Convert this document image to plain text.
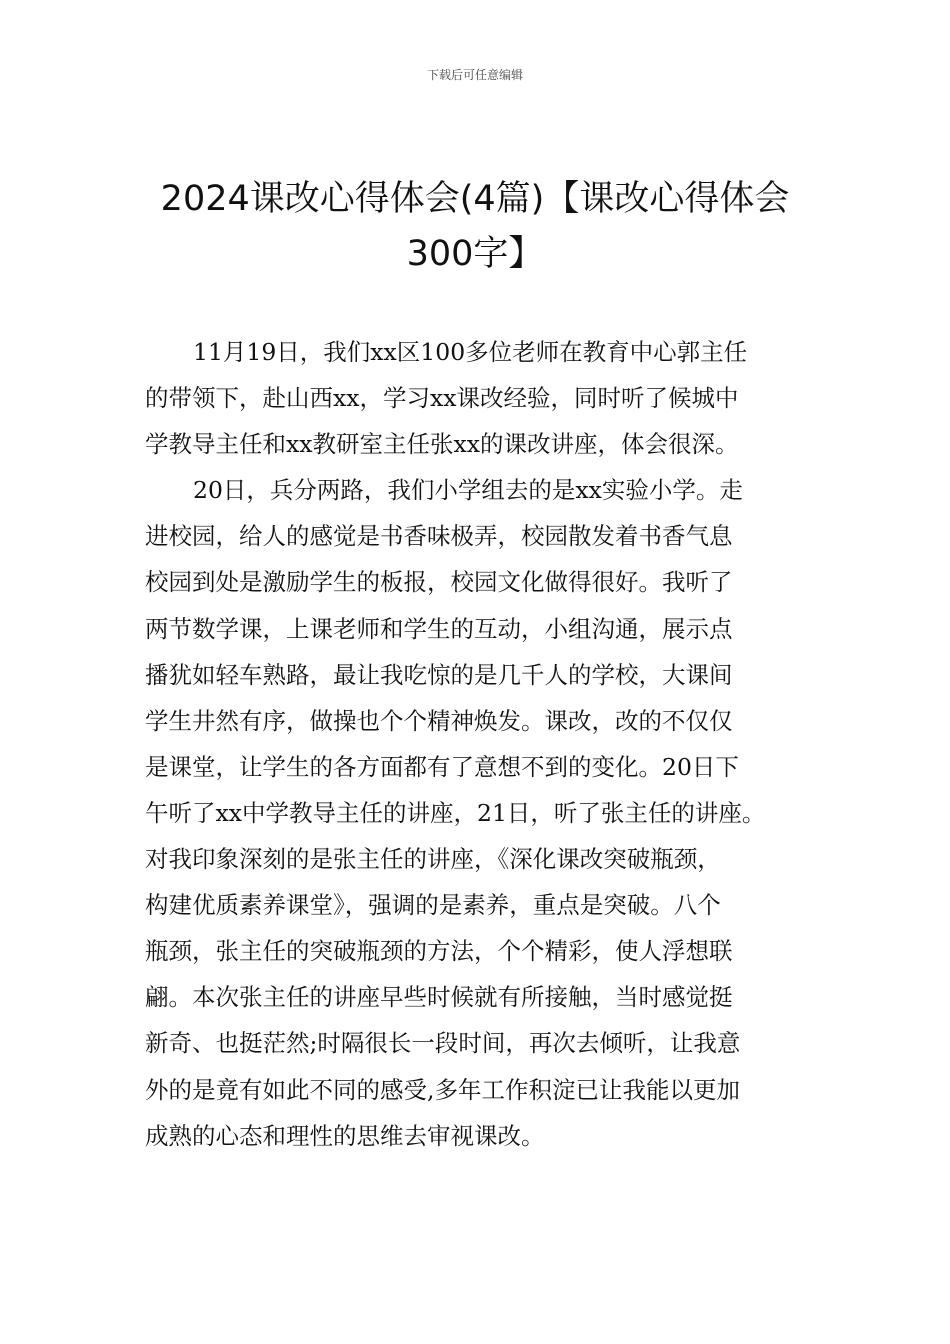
下载后可任意编辑
2024课改心得体会(4篇)【课改心得体会
300字】
11月19日，我们xx区100多位老师在教育中心郭主任
的带领下，赴山西xx，学习xx课改经验，同时听了候城中
学教导主任和xx教研室主任张xx的课改讲座，体会很深。
20日，兵分两路，我们小学组去的是xx实验小学。走
进校园，给人的感觉是书香味极弄，校园散发着书香气息
校园到处是激励学生的板报，校园文化做得很好。我听了
两节数学课，上课老师和学生的互动，小组沟通，展示点
播犹如轻车熟路，最让我吃惊的是几千人的学校，大课间
学生井然有序，做操也个个精神焕发。课改，改的不仅仅
是课堂，让学生的各方面都有了意想不到的变化。20日下
午听了xx中学教导主任的讲座，21日，听了张主任的讲座。
对我印象深刻的是张主任的讲座，《深化课改突破瓶颈，
构建优质素养课堂》，强调的是素养，重点是突破。八个
瓶颈，张主任的突破瓶颈的方法，个个精彩，使人浮想联
翩。本次张主任的讲座早些时候就有所接触，当时感觉挺
新奇、也挺茫然;时隔很长一段时间，再次去倾听，让我意
外的是竟有如此不同的感受,多年工作积淀已让我能以更加
成熟的心态和理性的思维去审视课改。
